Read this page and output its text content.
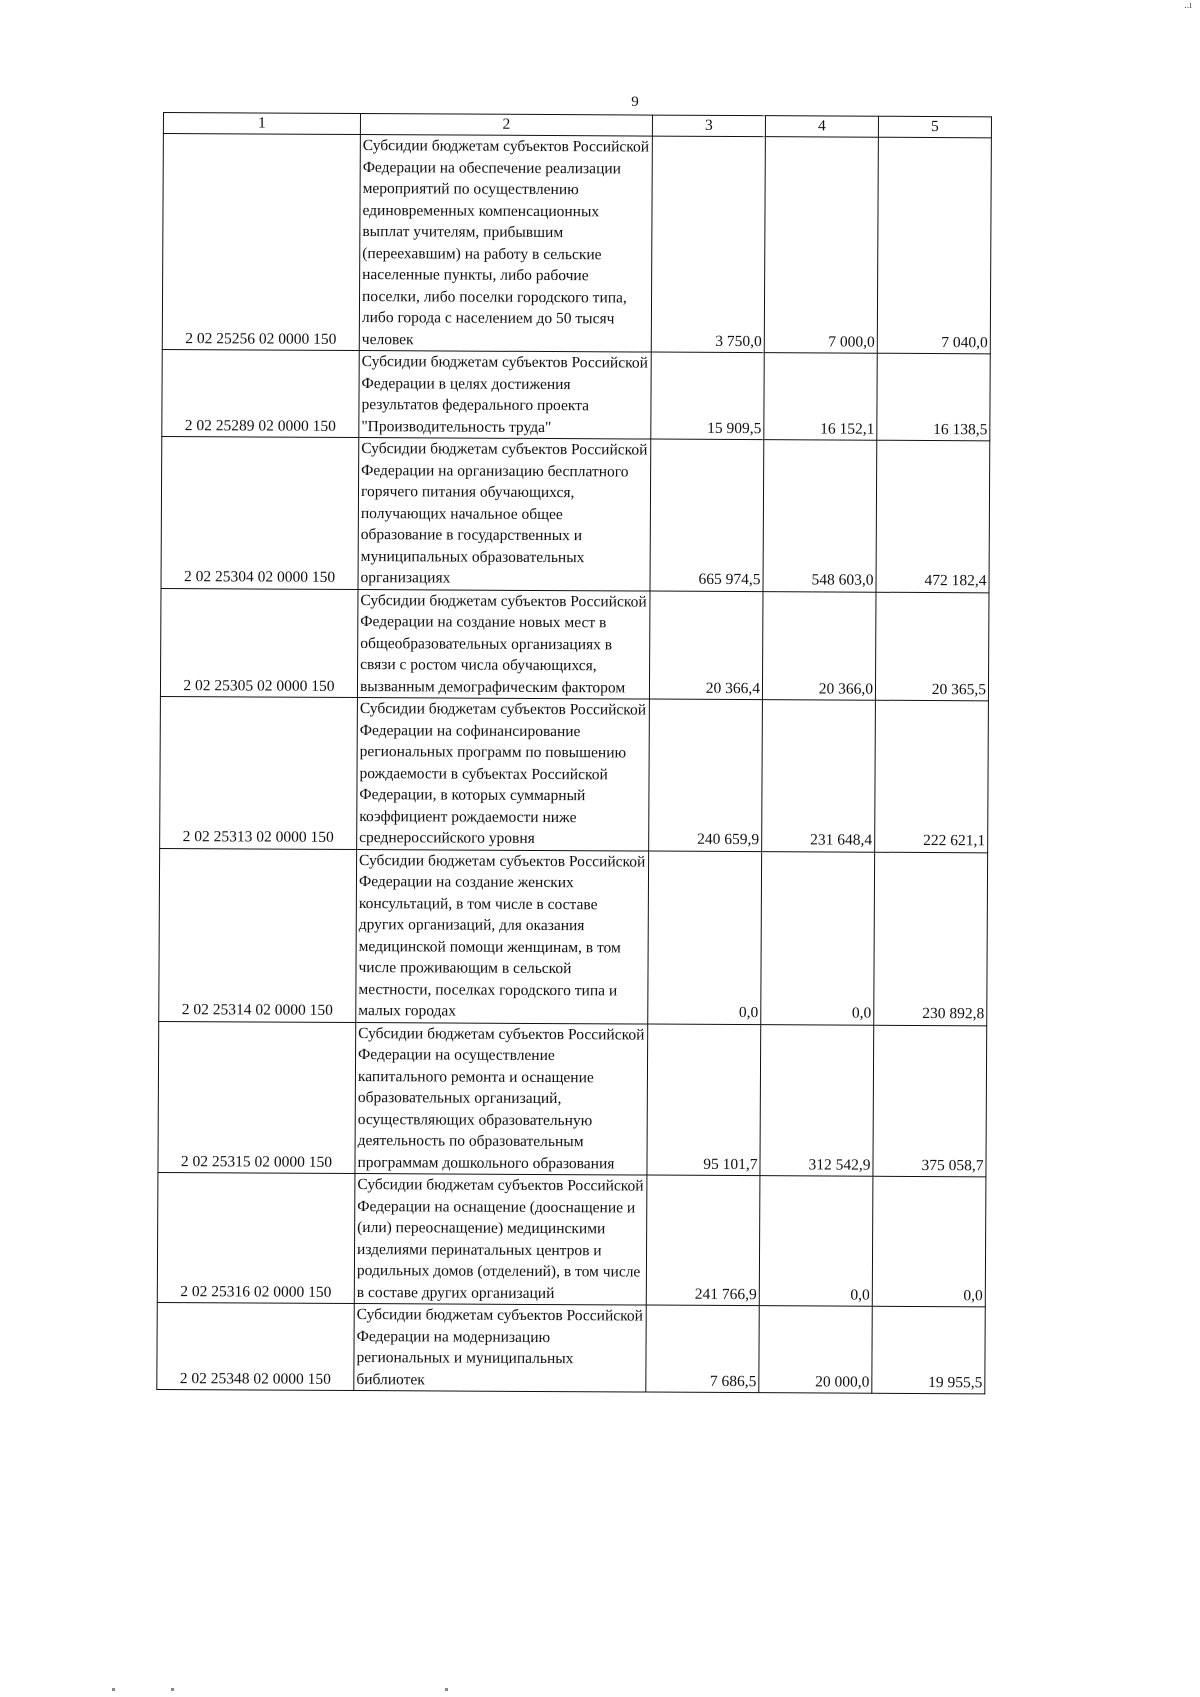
..ı
9
1	2	3	4	5
2 02 25256 02 0000 150	Субсидии бюджетам субъектов Российской Федерации на обеспечение реализации мероприятий по осуществлению единовременных компенсационных выплат учителям, прибывшим (переехавшим) на работу в сельские населенные пункты, либо рабочие поселки, либо поселки городского типа, либо города с населением до 50 тысяч человек	3 750,0	7 000,0	7 040,0
2 02 25289 02 0000 150	Субсидии бюджетам субъектов Российской Федерации в целях достижения результатов федерального проекта "Производительность труда"	15 909,5	16 152,1	16 138,5
2 02 25304 02 0000 150	Субсидии бюджетам субъектов Российской Федерации на организацию бесплатного горячего питания обучающихся, получающих начальное общее образование в государственных и муниципальных образовательных организациях	665 974,5	548 603,0	472 182,4
2 02 25305 02 0000 150	Субсидии бюджетам субъектов Российской Федерации на создание новых мест в общеобразовательных организациях в связи с ростом числа обучающихся, вызванным демографическим фактором	20 366,4	20 366,0	20 365,5
2 02 25313 02 0000 150	Субсидии бюджетам субъектов Российской Федерации на софинансирование региональных программ по повышению рождаемости в субъектах Российской Федерации, в которых суммарный коэффициент рождаемости ниже среднероссийского уровня	240 659,9	231 648,4	222 621,1
2 02 25314 02 0000 150	Субсидии бюджетам субъектов Российской Федерации на создание женских консультаций, в том числе в составе других организаций, для оказания медицинской помощи женщинам, в том числе проживающим в сельской местности, поселках городского типа и малых городах	0,0	0,0	230 892,8
2 02 25315 02 0000 150	Субсидии бюджетам субъектов Российской Федерации на осуществление капитального ремонта и оснащение образовательных организаций, осуществляющих образовательную деятельность по образовательным программам дошкольного образования	95 101,7	312 542,9	375 058,7
2 02 25316 02 0000 150	Субсидии бюджетам субъектов Российской Федерации на оснащение (дооснащение и (или) переоснащение) медицинскими изделиями перинатальных центров и родильных домов (отделений), в том числе в составе других организаций	241 766,9	0,0	0,0
2 02 25348 02 0000 150	Субсидии бюджетам субъектов Российской Федерации на модернизацию региональных и муниципальных библиотек	7 686,5	20 000,0	19 955,5
